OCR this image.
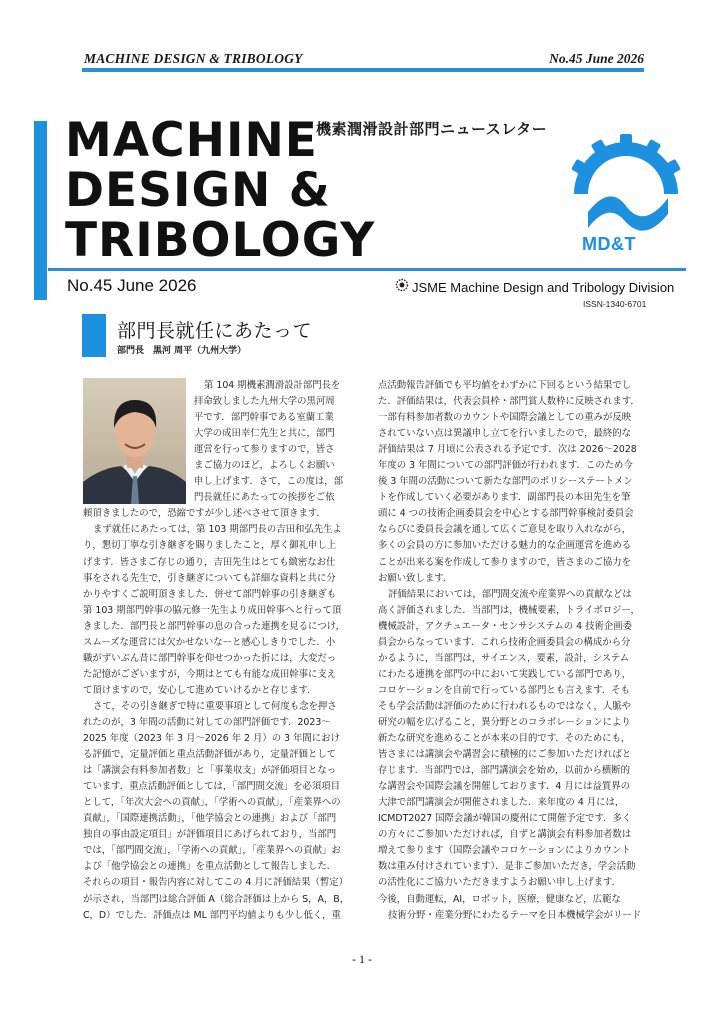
MACHINE DESIGN & TRIBOLOGY	No.45 June 2026
MACHINE
DESIGN &
TRIBOLOGY
機素潤滑設計部門ニュースレター
MD&T
No.45 June 2026	JSME Machine Design and Tribology Division
ISSN-1340-6701
部門長就任にあたって
部門長　黒河 周平（九州大学）
第 104 期機素潤滑設計部門長を
拝命致しました九州大学の黒河周
平です．部門幹事である室蘭工業
大学の成田幸仁先生と共に，部門
運営を行って参りますので，皆さ
まご協力のほど，よろしくお願い
申し上げます．さて，この度は，部
門長就任にあたっての挨拶をご依
頼頂きましたので，恐縮ですが少し述べさせて頂きます．
まず就任にあたっては，第 103 期部門長の吉田和弘先生よ
り，懇切丁寧な引き継ぎを賜りましたこと，厚く御礼申し上
げます．皆さまご存じの通り，吉田先生はとても緻密なお仕
事をされる先生で，引き継ぎについても詳細な資料と共に分
かりやすくご説明頂きました．併せて部門幹事の引き継ぎも
第 103 期部門幹事の脇元修一先生より成田幹事へと行って頂
きました．部門長と部門幹事の息の合った連携を見るにつけ，
スムーズな運営には欠かせないなーと感心しきりでした．小
職がずいぶん昔に部門幹事を仰せつかった折には，大変だっ
た記憶がございますが，今期はとても有能な成田幹事に支え
て頂けますので，安心して進めていけるかと存じます．
さて，その引き継ぎで特に重要事項として何度も念を押さ
れたのが，3 年間の活動に対しての部門評価です．2023～
2025 年度（2023 年 3 月～2026 年 2 月）の 3 年間におけ
る評価で，定量評価と重点活動評価があり，定量評価として
は「講演会有料参加者数」と「事業収支」が評価項目となっ
ています．重点活動評価としては，「部門間交流」を必須項目
として，「年次大会への貢献」，「学術への貢献」，「産業界への
貢献」，「国際連携活動」，「他学協会との連携」および「部門
独自の事由設定項目」が評価項目にあげられており，当部門
では，「部門間交流」，「学術への貢献」，「産業界への貢献」お
よび「他学協会との連携」を重点活動として報告しました．
それらの項目・報告内容に対してこの 4 月に評価結果（暫定）
が示され，当部門は総合評価 A（総合評価は上から S，A，B，
C，D）でした．評価点は ML 部門平均値よりも少し低く，重
点活動報告評価でも平均値をわずかに下回るという結果でし
た．評価結果は，代表会員枠・部門賞人数枠に反映されます．
一部有料参加者数のカウントや国際会議としての重みが反映
されていない点は異議申し立てを行いましたので，最終的な
評価結果は 7 月頃に公表される予定です．次は 2026～2028
年度の 3 年間についての部門評価が行われます．このため今
後 3 年間の活動について新たな部門のポリシーステートメン
トを作成していく必要があります．副部門長の本田先生を筆
頭に 4 つの技術企画委員会を中心とする部門幹事検討委員会
ならびに委員長会議を通して広くご意見を取り入れながら，
多くの会員の方に参加いただける魅力的な企画運営を進める
ことが出来る案を作成して参りますので，皆さまのご協力を
お願い致します．
評価結果においては，部門間交流や産業界への貢献などは
高く評価されました．当部門は，機械要素，トライボロジー，
機械設計，アクチュエータ・センサシステムの 4 技術企画委
員会からなっています．これら技術企画委員会の構成から分
かるように，当部門は，サイエンス，要素，設計，システム
にわたる連携を部門の中において実践している部門であり，
コロケーションを自前で行っている部門とも言えます．そも
そも学会活動は評価のために行われるものではなく，人脈や
研究の幅を広げること，異分野とのコラボレーションにより
新たな研究を進めることが本来の目的です．そのためにも，
皆さまには講演会や講習会に積極的にご参加いただければと
存じます．当部門では，部門講演会を始め，以前から横断的
な講習会や国際会議を開催しております．4 月には益質界の
大津で部門講演会が開催されました．来年度の 4 月には，
ICMDT2027 国際会議が韓国の慶州にて開催予定です．多く
の方々にご参加いただければ，自ずと講演会有料参加者数は
増えて参ります（国際会議やコロケーションによりカウント
数は重み付けされています）．是非ご参加いただき，学会活動
の活性化にご協力いただきますようお願い申し上げます．
今後，自動運転，AI，ロボット，医療，健康など，広範な
技術分野・産業分野にわたるテーマを日本機械学会がリード
- 1 -
